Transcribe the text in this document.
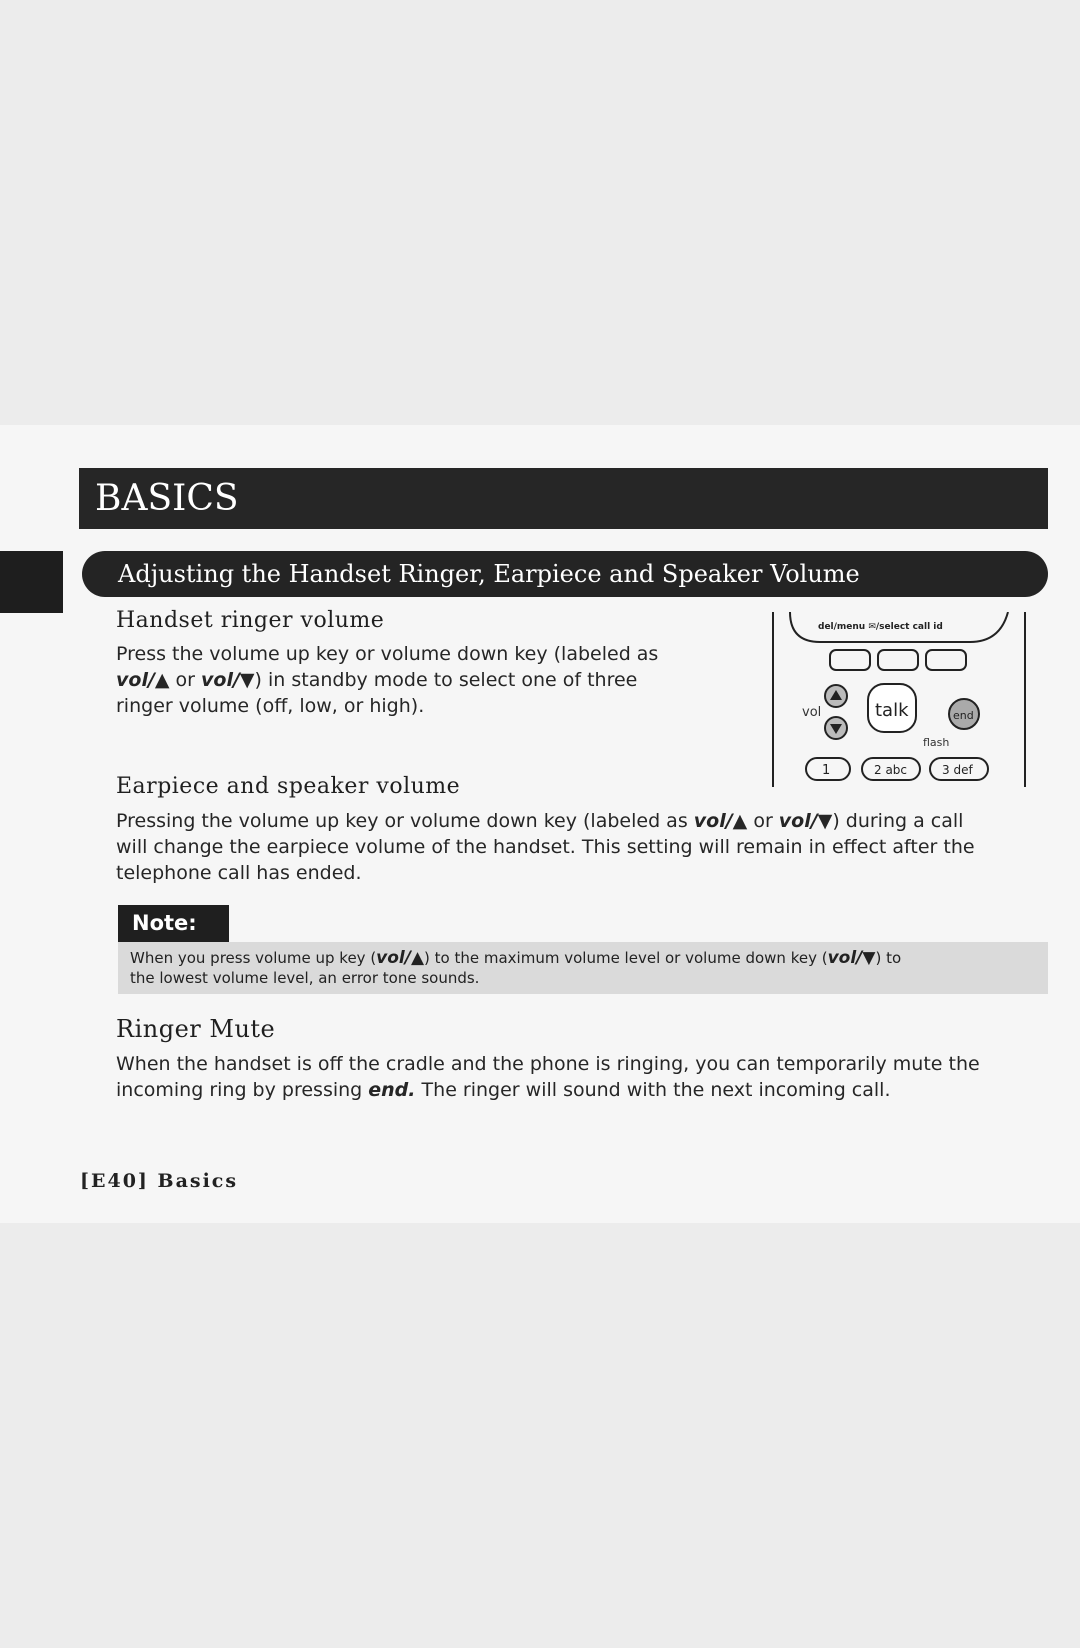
BASICS
Adjusting the Handset Ringer, Earpiece and Speaker Volume
Handset ringer volume

Press the volume up key or volume down key (labeled as

vol/▲ or vol/▼) in standby mode to select one of three

ringer volume (off, low, or high).

del/menu ✉/select call id
vol	talk	end
flash
1	2 abc	3 def
Earpiece and speaker volume

Pressing the volume up key or volume down key (labeled as vol/▲ or vol/▼) during a call

will change the earpiece volume of the handset. This setting will remain in effect after the

telephone call has ended.

Note:
When you press volume up key (vol/▲) to the maximum volume level or volume down key (vol/▼) to
the lowest volume level, an error tone sounds.
Ringer Mute

When the handset is off the cradle and the phone is ringing, you can temporarily mute the

incoming ring by pressing end. The ringer will sound with the next incoming call.

[E40] Basics
